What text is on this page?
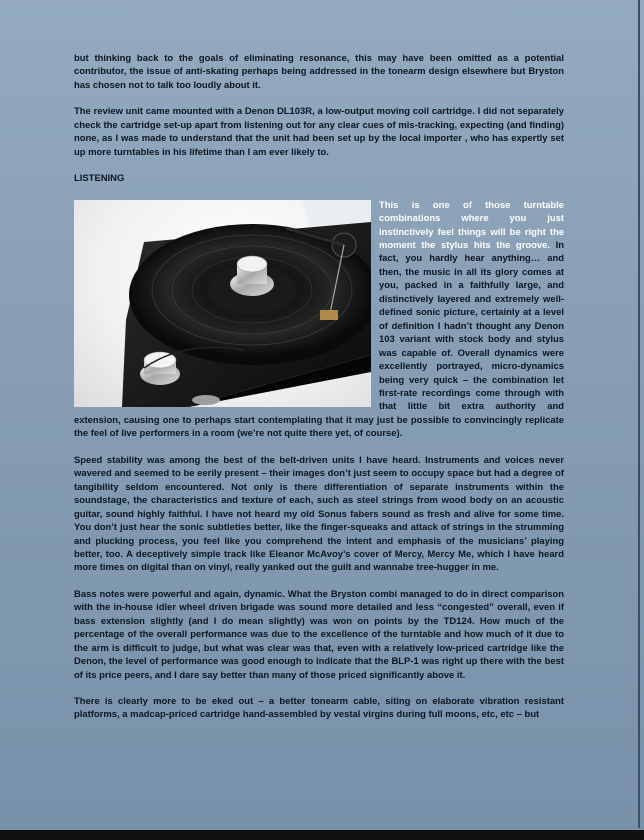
but thinking back to the goals of eliminating resonance, this may have been omitted as a potential contributor, the issue of anti-skating perhaps being addressed in the tonearm design elsewhere but Bryston has chosen not to talk too loudly about it.

The review unit came mounted with a Denon DL103R, a low-output moving coil cartridge. I did not separately check the cartridge set-up apart from listening out for any clear cues of mis-tracking, expecting (and finding) none, as I was made to understand that the unit had been set up by the local importer , who has expertly set up more turntables in his lifetime than I am ever likely to.

LISTENING

This is one of those turntable combinations where you just instinctively feel things will be right the moment the stylus hits the groove. In fact, you hardly hear anything… and then, the music in all its glory comes at you, packed in a faithfully large, and distinctively layered and extremely well-defined sonic picture, certainly at a level of definition I hadn’t thought any Denon 103 variant with stock body and stylus was capable of. Overall dynamics were excellently portrayed, micro-dynamics being very quick – the combination let first-rate recordings come through with that little bit extra authority and extension, causing one to perhaps start contemplating that it may just be possible to convincingly replicate the feel of live performers in a room (we’re not quite there yet, of course).

Speed stability was among the best of the belt-driven units I have heard. Instruments and voices never wavered and seemed to be eerily present – their images don’t just seem to occupy space but had a degree of tangibility seldom encountered. Not only is there differentiation of separate instruments within the soundstage, the characteristics and texture of each, such as steel strings from wood body on an acoustic guitar, sound highly faithful. I have not heard my old Sonus fabers sound as fresh and alive for some time. You don’t just hear the sonic subtleties better, like the finger-squeaks and attack of strings in the strumming and plucking process, you feel like you comprehend the intent and emphasis of the musicians’ playing better, too. A deceptively simple track like Eleanor McAvoy’s cover of Mercy, Mercy Me, which I have heard more times on digital than on vinyl, really yanked out the guilt and wannabe tree-hugger in me.

Bass notes were powerful and again, dynamic. What the Bryston combi managed to do in direct comparison with the in-house idler wheel driven brigade was sound more detailed and less “congested” overall, even if bass extension slightly (and I do mean slightly) was won on points by the TD124. How much of the percentage of the overall performance was due to the excellence of the turntable and how much of it due to the arm is difficult to judge, but what was clear was that, even with a relatively low-priced cartridge like the Denon, the level of performance was good enough to indicate that the BLP-1 was right up there with the best of its price peers, and I dare say better than many of those priced significantly above it.

There is clearly more to be eked out – a better tonearm cable, siting on elaborate vibration resistant platforms, a madcap-priced cartridge hand-assembled by vestal virgins during full moons, etc, etc – but
